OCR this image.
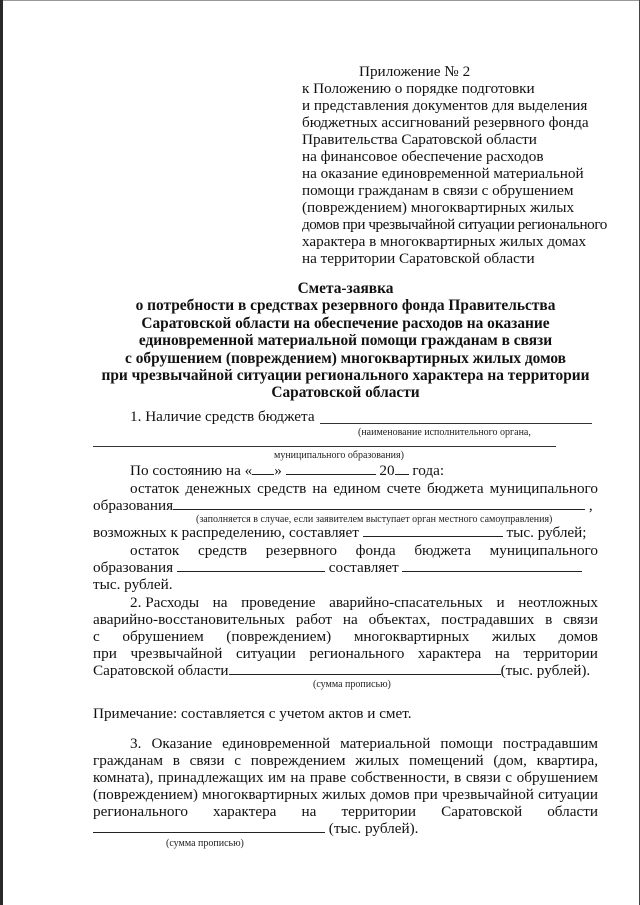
Приложение № 2
к Положению о порядке подготовки
и представления документов для выделения
бюджетных ассигнований резервного фонда
Правительства Саратовской области
на финансовое обеспечение расходов
на оказание единовременной материальной
помощи гражданам в связи с обрушением
(повреждением) многоквартирных жилых
домов при чрезвычайной ситуации регионального
характера в многоквартирных жилых домах
на территории Саратовской области
Смета-заявка
о потребности в средствах резервного фонда Правительства
Саратовской области на обеспечение расходов на оказание
единовременной материальной помощи гражданам в связи
с обрушением (повреждением) многоквартирных жилых домов
при чрезвычайной ситуации регионального характера на территории
Саратовской области
1. Наличие средств бюджета
(наименование исполнительного органа,
муниципального образования)
По состоянию на « »	20 года:
остаток денежных средств на едином счете бюджета муниципального
образования	,
(заполняется в случае, если заявителем выступает орган местного самоуправления)
возможных к распределению, составляет	тыс. рублей;
остаток средств резервного фонда бюджета муниципального
образования	составляет
тыс. рублей.
2. Расходы на проведение аварийно-спасательных и неотложных
аварийно-восстановительных работ на объектах, пострадавших в связи
с обрушением (повреждением) многоквартирных жилых домов
при чрезвычайной ситуации регионального характера на территории
Саратовской области	(тыс. рублей).
(сумма прописью)
Примечание: составляется с учетом актов и смет.
3. Оказание единовременной материальной помощи пострадавшим
гражданам в связи с повреждением жилых помещений (дом, квартира,
комната), принадлежащих им на праве собственности, в связи с обрушением
(повреждением) многоквартирных жилых домов при чрезвычайной ситуации
регионального характера на территории Саратовской области
(тыс. рублей).
(сумма прописью)
